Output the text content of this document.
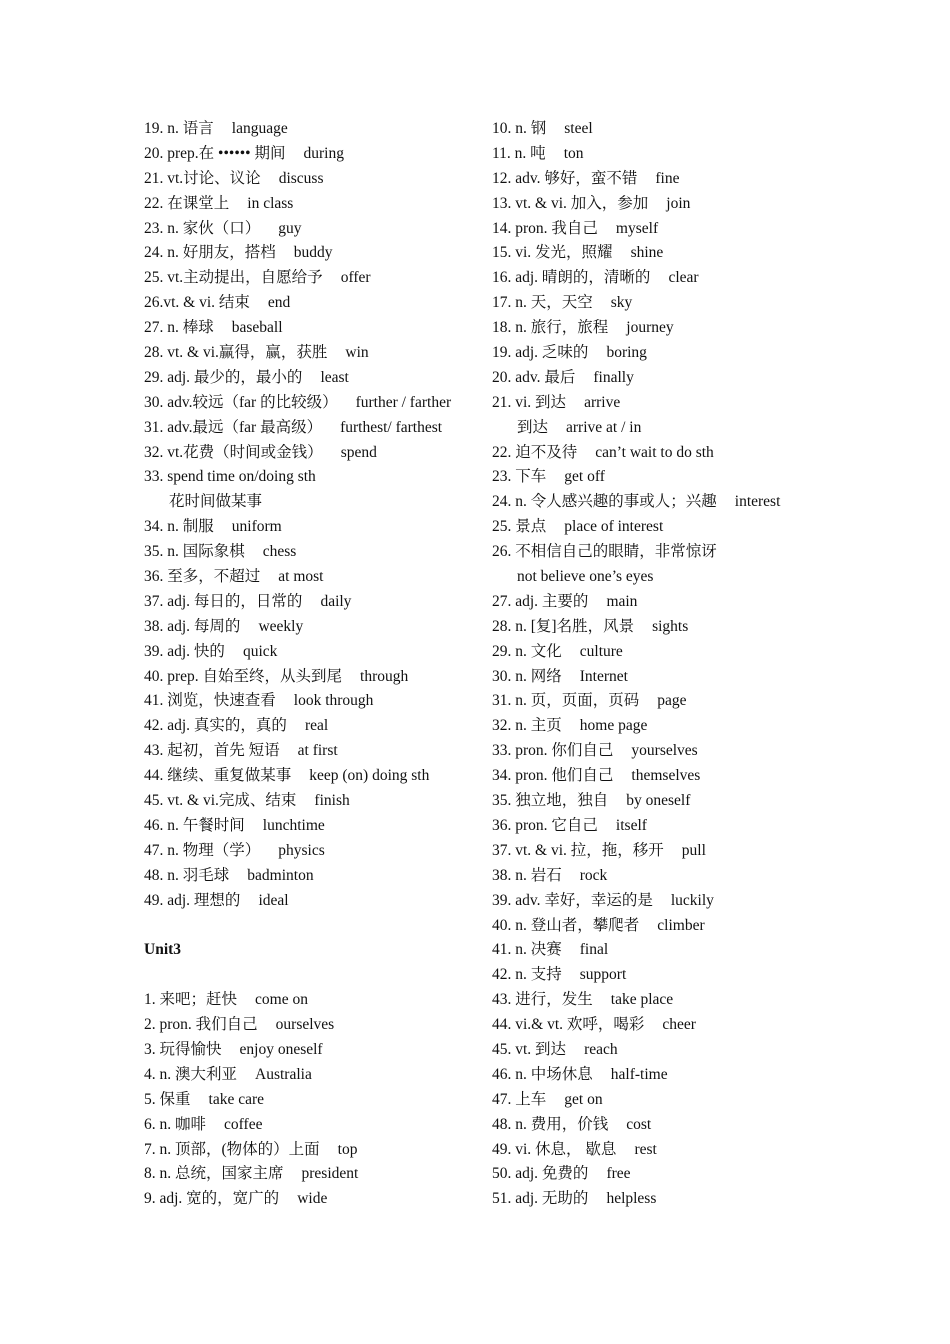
19. n. 语言 language
20. prep.在 •••••• 期间 during
21. vt.讨论、议论 discuss
22. 在课堂上 in class
23. n. 家伙（口） guy
24. n. 好朋友，搭档 buddy
25. vt.主动提出，自愿给予 offer
26.vt. & vi. 结束 end
27. n. 棒球 baseball
28. vt. & vi.赢得，赢，获胜 win
29. adj. 最少的，最小的 least
30. adv.较远（far 的比较级） further / farther
31. adv.最远（far 最高级） furthest/ farthest
32. vt.花费（时间或金钱） spend
33. spend time on/doing sth
花时间做某事
34. n. 制服 uniform
35. n. 国际象棋 chess
36. 至多，不超过 at most
37. adj. 每日的，日常的 daily
38. adj. 每周的 weekly
39. adj. 快的 quick
40. prep. 自始至终，从头到尾 through
41. 浏览，快速查看 look through
42. adj. 真实的，真的 real
43. 起初，首先 短语 at first
44. 继续、重复做某事 keep (on) doing sth
45. vt. & vi.完成、结束 finish
46. n. 午餐时间 lunchtime
47. n. 物理（学） physics
48. n. 羽毛球 badminton
49. adj. 理想的 ideal
Unit3
1. 来吧；赶快 come on
2. pron. 我们自己 ourselves
3. 玩得愉快 enjoy oneself
4. n. 澳大利亚 Australia
5. 保重 take care
6. n. 咖啡 coffee
7. n. 顶部，(物体的）上面 top
8. n. 总统，国家主席 president
9. adj. 宽的，宽广的 wide
10. n. 钢 steel
11. n. 吨 ton
12. adv. 够好，蛮不错 fine
13. vt. & vi. 加入，参加 join
14. pron. 我自己 myself
15. vi. 发光，照耀 shine
16. adj. 晴朗的，清晰的 clear
17. n. 天，天空 sky
18. n. 旅行，旅程 journey
19. adj. 乏味的 boring
20. adv. 最后 finally
21. vi. 到达 arrive
到达 arrive at / in
22. 迫不及待 can’t wait to do sth
23. 下车 get off
24. n. 令人感兴趣的事或人；兴趣 interest
25. 景点 place of interest
26. 不相信自己的眼睛，非常惊讶
not believe one’s eyes
27. adj. 主要的 main
28. n. [复]名胜，风景 sights
29. n. 文化 culture
30. n. 网络 Internet
31. n. 页，页面，页码 page
32. n. 主页 home page
33. pron. 你们自己 yourselves
34. pron. 他们自己 themselves
35. 独立地，独自 by oneself
36. pron. 它自己 itself
37. vt. & vi. 拉，拖，移开 pull
38. n. 岩石 rock
39. adv. 幸好，幸运的是 luckily
40. n. 登山者，攀爬者 climber
41. n. 决赛 final
42. n. 支持 support
43. 进行，发生 take place
44. vi.& vt. 欢呼，喝彩 cheer
45. vt. 到达 reach
46. n. 中场休息 half-time
47. 上车 get on
48. n. 费用，价钱 cost
49. vi. 休息， 歇息 rest
50. adj. 免费的 free
51. adj. 无助的 helpless
